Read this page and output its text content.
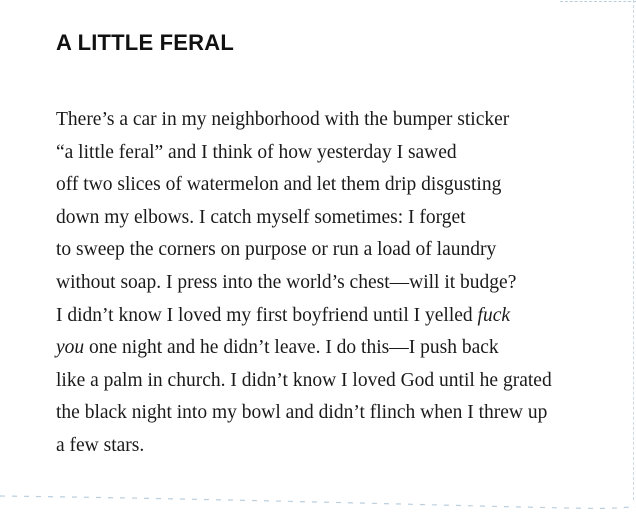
A LITTLE FERAL
There’s a car in my neighborhood with the bumper sticker
“a little feral” and I think of how yesterday I sawed
off two slices of watermelon and let them drip disgusting
down my elbows. I catch myself sometimes: I forget
to sweep the corners on purpose or run a load of laundry
without soap. I press into the world’s chest—will it budge?
I didn’t know I loved my first boyfriend until I yelled fuck
you one night and he didn’t leave. I do this—I push back
like a palm in church. I didn’t know I loved God until he grated
the black night into my bowl and didn’t flinch when I threw up
a few stars.
